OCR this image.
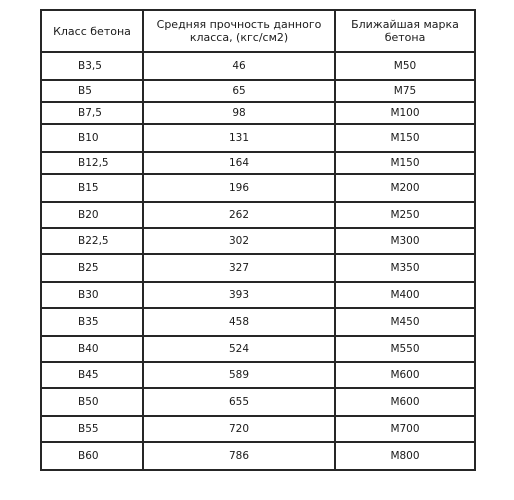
Класс бетона	Средняя прочность данного класса, (кгс/см2)	Ближайшая марка бетона
В3,5	46	М50
В5	65	М75
В7,5	98	М100
В10	131	М150
В12,5	164	М150
В15	196	М200
В20	262	М250
В22,5	302	М300
В25	327	М350
В30	393	М400
В35	458	М450
В40	524	М550
В45	589	М600
В50	655	М600
В55	720	М700
В60	786	М800
